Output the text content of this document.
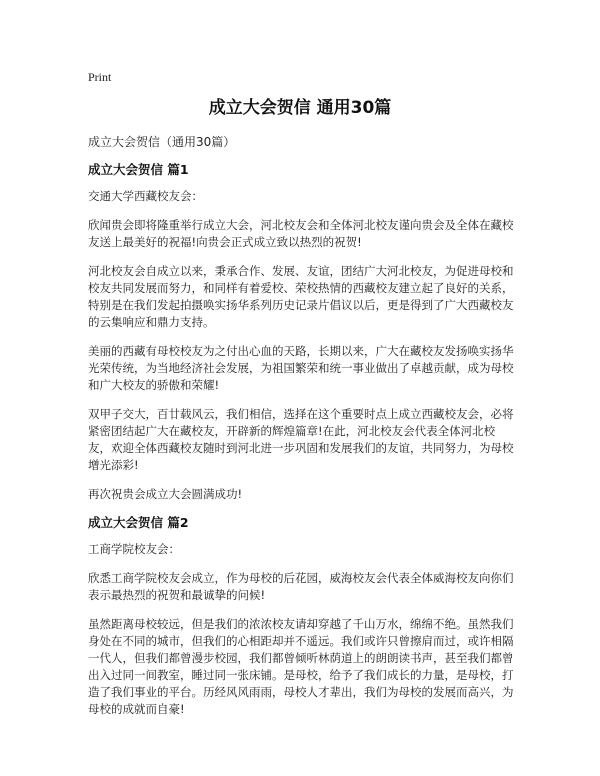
Print
成立大会贺信 通用30篇

成立大会贺信（通用30篇）

成立大会贺信 篇1

交通大学西藏校友会：

欣闻贵会即将隆重举行成立大会，河北校友会和全体河北校友谨向贵会及全体在藏校友送上最美好的祝福!向贵会正式成立致以热烈的祝贺!

河北校友会自成立以来，秉承合作、发展、友谊，团结广大河北校友，为促进母校和校友共同发展而努力，和同样有着爱校、荣校热情的西藏校友建立起了良好的关系，特别是在我们发起拍摄唤实扬华系列历史记录片倡议以后，更是得到了广大西藏校友的云集响应和鼎力支持。

美丽的西藏有母校校友为之付出心血的天路，长期以来，广大在藏校友发扬唤实扬华光荣传统，为当地经济社会发展，为祖国繁荣和统一事业做出了卓越贡献，成为母校和广大校友的骄傲和荣耀!

双甲子交大，百廿载风云，我们相信，选择在这个重要时点上成立西藏校友会，必将紧密团结起广大在藏校友，开辟新的辉煌篇章!在此，河北校友会代表全体河北校友，欢迎全体西藏校友随时到河北进一步巩固和发展我们的友谊，共同努力，为母校增光添彩!

再次祝贵会成立大会圆满成功!

成立大会贺信 篇2

工商学院校友会：

欣悉工商学院校友会成立，作为母校的后花园，威海校友会代表全体威海校友向你们表示最热烈的祝贺和最诚挚的问候!

虽然距离母校较远，但是我们的浓浓校友请却穿越了千山万水，绵绵不绝。虽然我们身处在不同的城市，但我们的心相距却并不遥远。我们或许只曾擦肩而过，或许相隔一代人，但我们都曾漫步校园，我们都曾倾听林荫道上的朗朗读书声，甚至我们都曾出入过同一间教室，睡过同一张床铺。是母校，给予了我们成长的力量，是母校，打造了我们事业的平台。历经风风雨雨，母校人才辈出，我们为母校的发展而高兴，为母校的成就而自豪!
